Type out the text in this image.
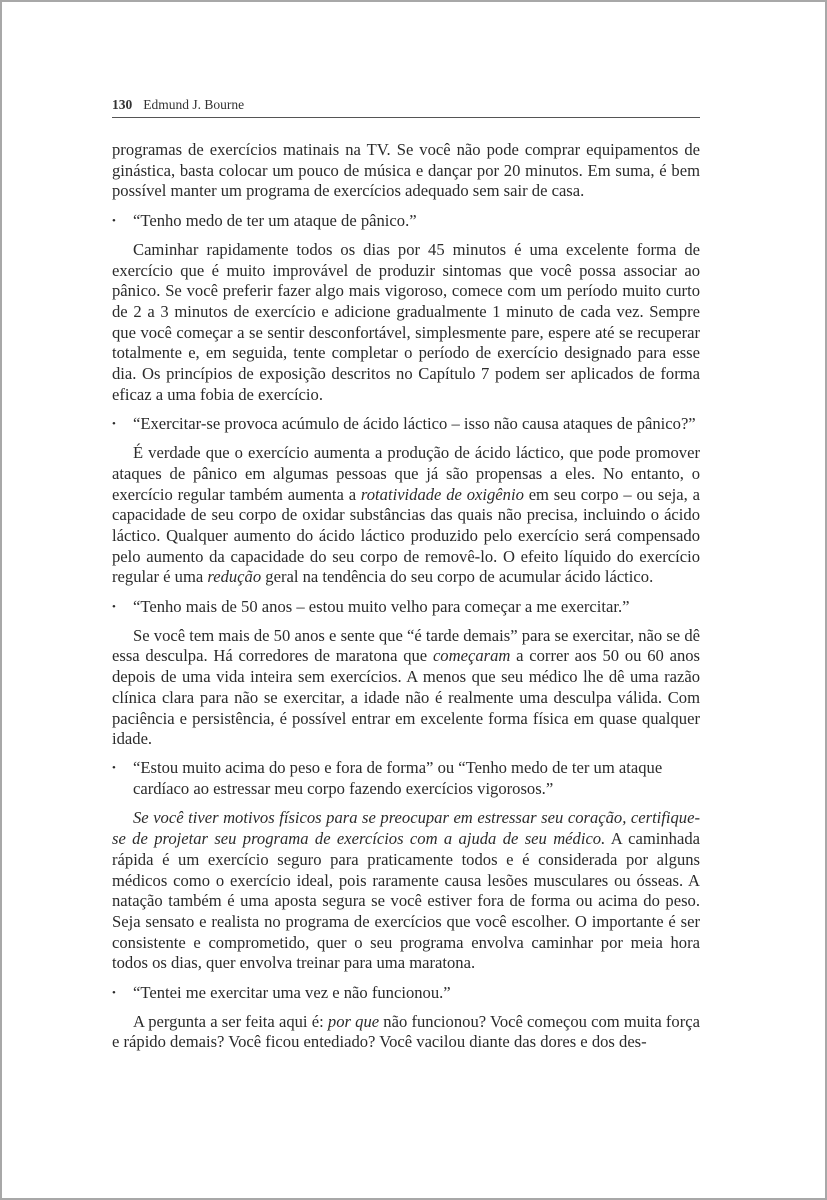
130 Edmund J. Bourne

programas de exercícios matinais na TV. Se você não pode comprar equipamentos de ginástica, basta colocar um pouco de música e dançar por 20 minutos. Em suma, é bem possível manter um programa de exercícios adequado sem sair de casa.

• “Tenho medo de ter um ataque de pânico.”

Caminhar rapidamente todos os dias por 45 minutos é uma excelente forma de exercício que é muito improvável de produzir sintomas que você possa associar ao pânico. Se você preferir fazer algo mais vigoroso, comece com um período muito curto de 2 a 3 minutos de exercício e adicione gradualmente 1 minuto de cada vez. Sempre que você começar a se sentir desconfortável, simplesmente pare, espere até se recuperar totalmente e, em seguida, tente completar o período de exercício designado para esse dia. Os princípios de exposição descritos no Capítulo 7 podem ser aplicados de forma eficaz a uma fobia de exercício.

• “Exercitar-se provoca acúmulo de ácido láctico – isso não causa ataques de pânico?”

É verdade que o exercício aumenta a produção de ácido láctico, que pode promover ataques de pânico em algumas pessoas que já são propensas a eles. No entanto, o exercício regular também aumenta a rotatividade de oxigênio em seu corpo – ou seja, a capacidade de seu corpo de oxidar substâncias das quais não precisa, incluindo o ácido láctico. Qualquer aumento do ácido láctico produzido pelo exercício será compensado pelo aumento da capacidade do seu corpo de removê-lo. O efeito líquido do exercício regular é uma redução geral na tendência do seu corpo de acumular ácido láctico.

• “Tenho mais de 50 anos – estou muito velho para começar a me exercitar.”

Se você tem mais de 50 anos e sente que “é tarde demais” para se exercitar, não se dê essa desculpa. Há corredores de maratona que começaram a correr aos 50 ou 60 anos depois de uma vida inteira sem exercícios. A menos que seu médico lhe dê uma razão clínica clara para não se exercitar, a idade não é realmente uma desculpa válida. Com paciência e persistência, é possível entrar em excelente forma física em quase qualquer idade.

• “Estou muito acima do peso e fora de forma” ou “Tenho medo de ter um ataque cardíaco ao estressar meu corpo fazendo exercícios vigorosos.”

Se você tiver motivos físicos para se preocupar em estressar seu coração, certifique-se de projetar seu programa de exercícios com a ajuda de seu médico. A caminhada rápida é um exercício seguro para praticamente todos e é considerada por alguns médicos como o exercício ideal, pois raramente causa lesões musculares ou ósseas. A natação também é uma aposta segura se você estiver fora de forma ou acima do peso. Seja sensato e realista no programa de exercícios que você escolher. O importante é ser consistente e comprometido, quer o seu programa envolva caminhar por meia hora todos os dias, quer envolva treinar para uma maratona.

• “Tentei me exercitar uma vez e não funcionou.”

A pergunta a ser feita aqui é: por que não funcionou? Você começou com muita força e rápido demais? Você ficou entediado? Você vacilou diante das dores e dos des-
